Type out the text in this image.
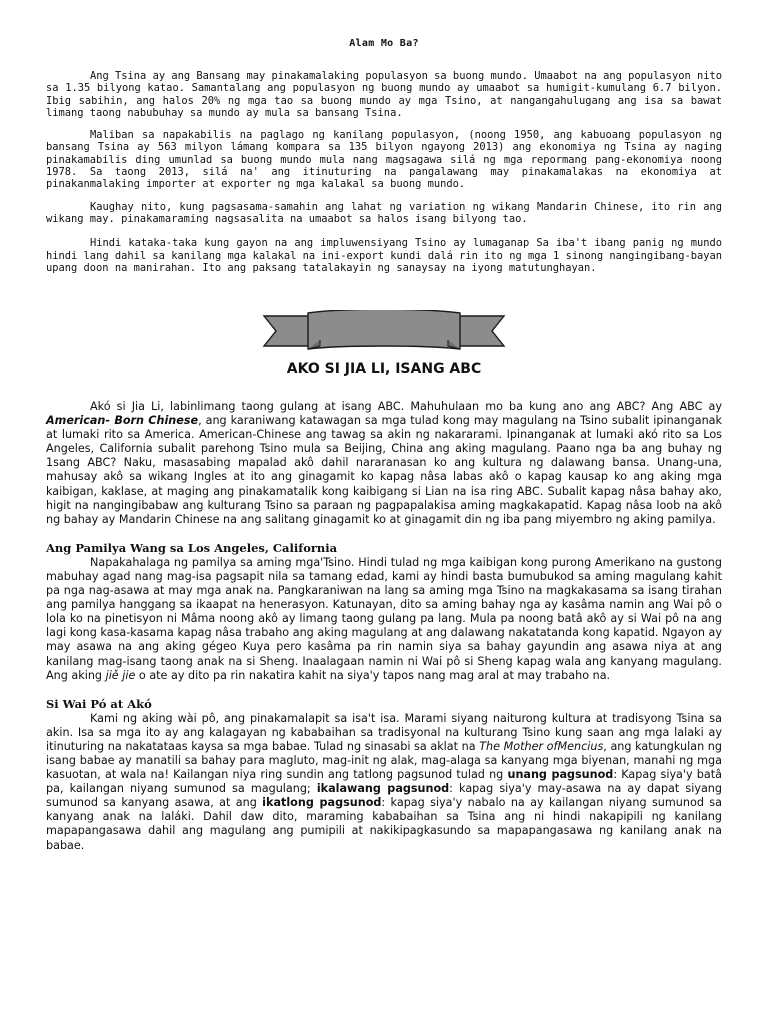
Alam Mo Ba?

Ang Tsina ay ang Bansang may pinakamalaking populasyon sa buong mundo. Umaabot na ang populasyon nito sa 1.35 bilyong katao. Samantalang ang populasyon ng buong mundo ay umaabot sa humigit-kumulang 6.7 bilyon. Ibig sabihin, ang halos 20% ng mga tao sa buong mundo ay mga Tsino, at nangangahulugang ang isa sa bawat limang taong nabubuhay sa mundo ay mula sa bansang Tsina.

Maliban sa napakabilis na paglago ng kanilang populasyon, (noong 1950, ang kabuoang populasyon ng bansang Tsina ay 563 milyon lámang kompara sa 135 bilyon ngayong 2013) ang ekonomiya ng Tsina ay naging pinakamabilis ding umunlad sa buong mundo mula nang magsagawa silá ng mga repormang pang-ekonomiya noong 1978. Sa taong 2013, silá na' ang itinuturing na pangalawang may pinakamalakas na ekonomiya at pinakanmalaking importer at exporter ng mga kalakal sa buong mundo.

Kaughay nito, kung pagsasama-samahin ang lahat ng variation ng wikang Mandarin Chinese, ito rin ang wikang may. pinakamaraming nagsasalita na umaabot sa halos isang bilyong tao.

Hindi kataka-taka kung gayon na ang impluwensiyang Tsino ay lumaganap Sa iba't ibang panig ng mundo hindi lang dahil sa kanilang mga kalakal na ini-export kundi dalá rin ito ng mga 1 sinong nangingibang-bayan upang doon na manirahan. Ito ang paksang tatalakayin ng sanaysay na iyong matutunghayan.

AKO SI JIA LI, ISANG ABC

Akó si Jia Li, labinlimang taong gulang at isang ABC. Mahuhulaan mo ba kung ano ang ABC? Ang ABC ay American- Born Chinese, ang karaniwang katawagan sa mga tulad kong may magulang na Tsino subalit ipinanganak at lumaki rito sa America. American-Chinese ang tawag sa akin ng nakararami. Ipinanganak at lumaki akó rito sa Los Angeles, California subalit parehong Tsino mula sa Beijing, China ang aking magulang. Paano nga ba ang buhay ng 1sang ABC? Naku, masasabing mapalad akô dahil nararanasan ko ang kultura ng dalawang bansa. Unang-una, mahusay akô sa wikang Ingles at ito ang ginagamit ko kapag nâsa labas akô o kapag kausap ko ang aking mga kaibigan, kaklase, at maging ang pinakamatalik kong kaibigang si Lian na isa ring ABC. Subalit kapag nâsa bahay ako, higit na nangingibabaw ang kulturang Tsino sa paraan ng pagpapalakisa aming magkakapatid. Kapag nâsa loob na akô ng bahay ay Mandarin Chinese na ang salitang ginagamit ko at ginagamit din ng iba pang miyembro ng aking pamilya.

Ang Pamilya Wang sa Los Angeles, California

Napakahalaga ng pamilya sa aming mga'Tsino. Hindi tulad ng mga kaibigan kong purong Amerikano na gustong mabuhay agad nang mag-isa pagsapit nila sa tamang edad, kami ay hindi basta bumubukod sa aming magulang kahit pa nga nag-asawa at may mga anak na. Pangkaraniwan na lang sa aming mga Tsino na magkakasama sa isang tirahan ang pamilya hanggang sa ikaapat na henerasyon. Katunayan, dito sa aming bahay nga ay kasâma namin ang Wai pô o lola ko na pinetisyon ni Mâma noong akô ay limang taong gulang pa lang. Mula pa noong batâ akô ay si Wai pô na ang lagi kong kasa-kasama kapag nâsa trabaho ang aking magulang at ang dalawang nakatatanda kong kapatid. Ngayon ay may asawa na ang aking gégeo Kuya pero kasâma pa rin namin siya sa bahay gayundin ang asawa niya at ang kanilang mag-isang taong anak na si Sheng. Inaalagaan namin ni Wai pô si Sheng kapag wala ang kanyang magulang. Ang aking jiě jie o ate ay dito pa rin nakatira kahit na siya'y tapos nang mag aral at may trabaho na.

Si Wai Pó at Akó

Kami ng aking wài pô, ang pinakamalapit sa isa't isa. Marami siyang naiturong kultura at tradisyong Tsina sa akin. Isa sa mga ito ay ang kalagayan ng kababaihan sa tradisyonal na kulturang Tsino kung saan ang mga lalaki ay itinuturing na nakatataas kaysa sa mga babae. Tulad ng sinasabi sa aklat na The Mother ofMencius, ang katungkulan ng isang babae ay manatili sa bahay para magluto, mag-init ng alak, mag-alaga sa kanyang mga biyenan, manahi ng mga kasuotan, at wala na! Kailangan niya ring sundin ang tatlong pagsunod tulad ng unang pagsunod: Kapag siya'y batâ pa, kailangan niyang sumunod sa magulang; ikalawang pagsunod: kapag siya'y may-asawa na ay dapat siyang sumunod sa kanyang asawa, at ang ikatlong pagsunod: kapag siya'y nabalo na ay kailangan niyang sumunod sa kanyang anak na laláki. Dahil daw dito, maraming kababaihan sa Tsina ang ni hindi nakapipili ng kanilang mapapangasawa dahil ang magulang ang pumipili at nakikipagkasundo sa mapapangasawa ng kanilang anak na babae.
